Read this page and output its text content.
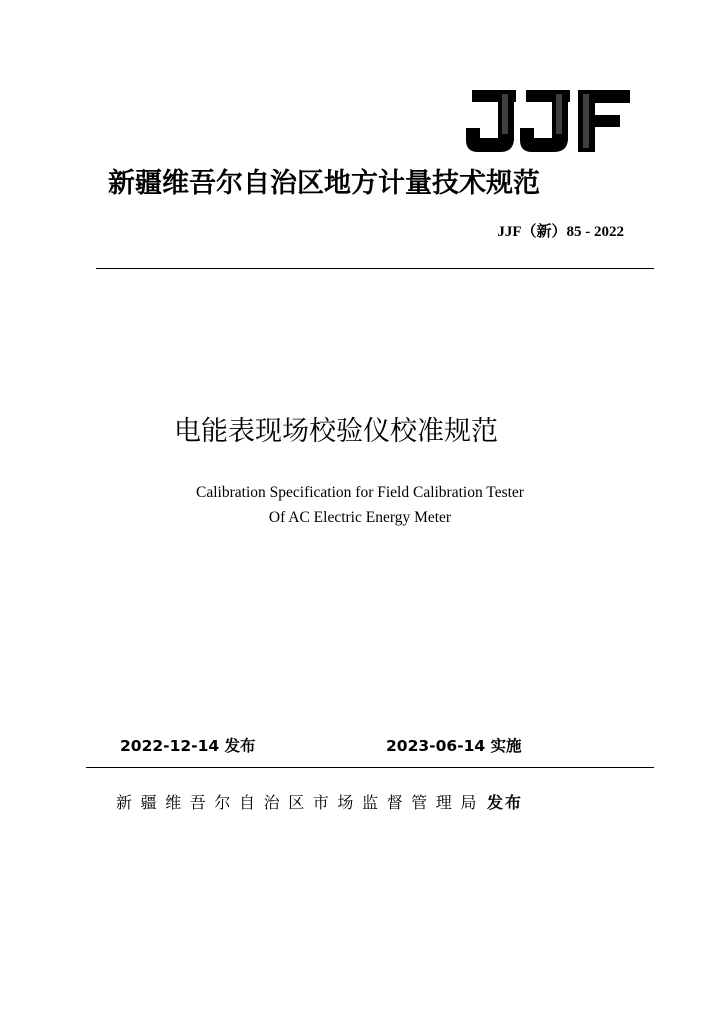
新疆维吾尔自治区地方计量技术规范
JJF（新）85 - 2022
电能表现场校验仪校准规范
Calibration Specification for Field Calibration Tester
Of AC Electric Energy Meter
2022-12-14 发布	2023-06-14 实施
新疆维吾尔自治区市场监督管理局 发布
